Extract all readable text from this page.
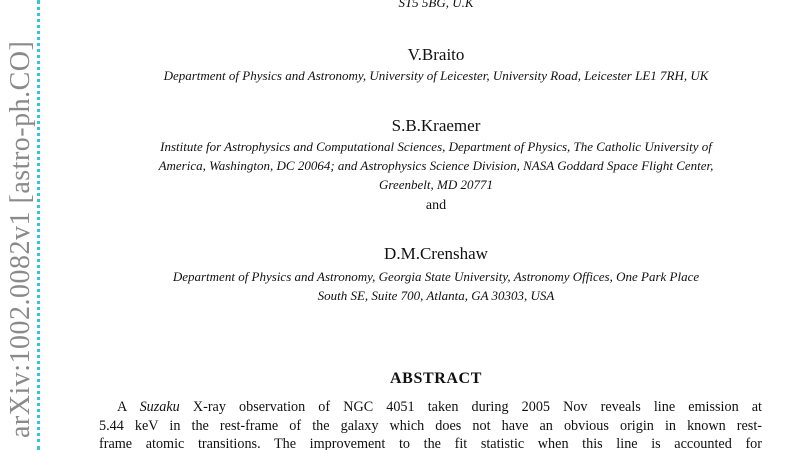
arXiv:1002.0082v1 [astro-ph.CO]
ST5 5BG, U.K
V.Braito
Department of Physics and Astronomy, University of Leicester, University Road, Leicester LE1 7RH, UK
S.B.Kraemer
Institute for Astrophysics and Computational Sciences, Department of Physics, The Catholic University of
America, Washington, DC 20064; and Astrophysics Science Division, NASA Goddard Space Flight Center,
Greenbelt, MD 20771
and
D.M.Crenshaw
Department of Physics and Astronomy, Georgia State University, Astronomy Offices, One Park Place
South SE, Suite 700, Atlanta, GA 30303, USA
ABSTRACT
A Suzaku X-ray observation of NGC 4051 taken during 2005 Nov reveals line emission at
5.44 keV in the rest-frame of the galaxy which does not have an obvious origin in known rest-
frame atomic transitions. The improvement to the fit statistic when this line is accounted for
